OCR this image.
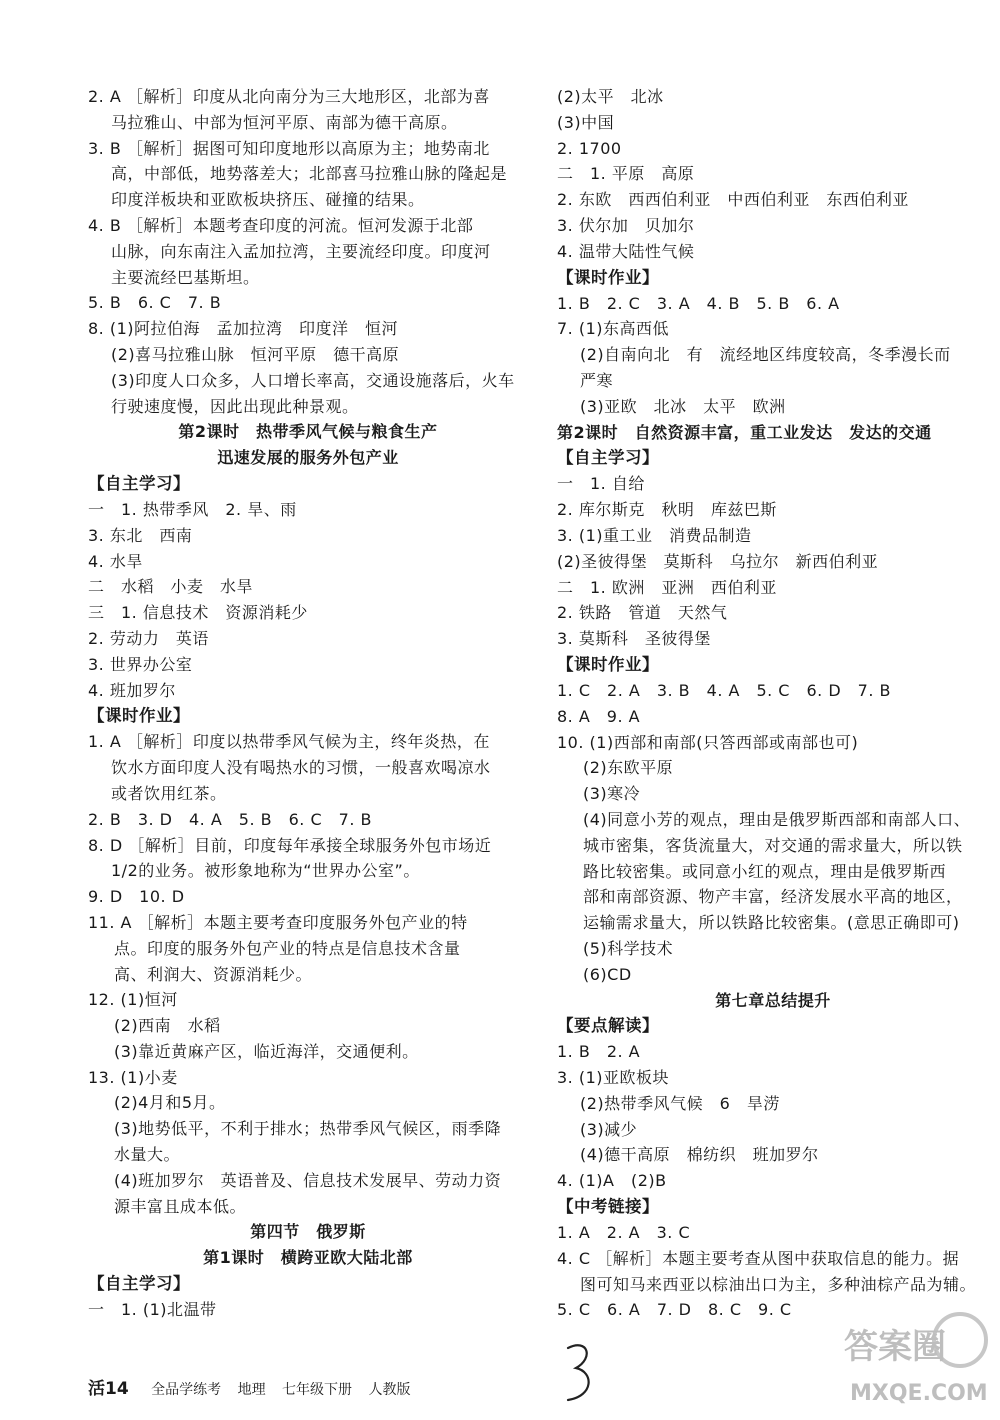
2. A ［解析］印度从北向南分为三大地形区，北部为喜
马拉雅山、中部为恒河平原、南部为德干高原。
3. B ［解析］据图可知印度地形以高原为主；地势南北
高，中部低，地势落差大；北部喜马拉雅山脉的隆起是
印度洋板块和亚欧板块挤压、碰撞的结果。
4. B ［解析］本题考查印度的河流。恒河发源于北部
山脉，向东南注入孟加拉湾，主要流经印度。印度河
主要流经巴基斯坦。
5. B　6. C　7. B
8. (1)阿拉伯海　孟加拉湾　印度洋　恒河
(2)喜马拉雅山脉　恒河平原　德干高原
(3)印度人口众多，人口增长率高，交通设施落后，火车
行驶速度慢，因此出现此种景观。
第2课时　热带季风气候与粮食生产
迅速发展的服务外包产业
【自主学习】
一　1. 热带季风　2. 旱、雨
3. 东北　西南
4. 水旱
二　水稻　小麦　水旱
三　1. 信息技术　资源消耗少
2. 劳动力　英语
3. 世界办公室
4. 班加罗尔
【课时作业】
1. A ［解析］印度以热带季风气候为主，终年炎热，在
饮水方面印度人没有喝热水的习惯，一般喜欢喝凉水
或者饮用红茶。
2. B　3. D　4. A　5. B　6. C　7. B
8. D ［解析］目前，印度每年承接全球服务外包市场近
1/2的业务。被形象地称为“世界办公室”。
9. D　10. D
11. A ［解析］本题主要考查印度服务外包产业的特
点。印度的服务外包产业的特点是信息技术含量
高、利润大、资源消耗少。
12. (1)恒河
(2)西南　水稻
(3)靠近黄麻产区，临近海洋，交通便利。
13. (1)小麦
(2)4月和5月。
(3)地势低平，不利于排水；热带季风气候区，雨季降
水量大。
(4)班加罗尔　英语普及、信息技术发展早、劳动力资
源丰富且成本低。
第四节　俄罗斯
第1课时　横跨亚欧大陆北部
【自主学习】
一　1. (1)北温带
(2)太平　北冰
(3)中国
2. 1700
二　1. 平原　高原
2. 东欧　西西伯利亚　中西伯利亚　东西伯利亚
3. 伏尔加　贝加尔
4. 温带大陆性气候
【课时作业】
1. B　2. C　3. A　4. B　5. B　6. A
7. (1)东高西低
(2)自南向北　有　流经地区纬度较高，冬季漫长而
严寒
(3)亚欧　北冰　太平　欧洲
第2课时　自然资源丰富，重工业发达　发达的交通
【自主学习】
一　1. 自给
2. 库尔斯克　秋明　库兹巴斯
3. (1)重工业　消费品制造
(2)圣彼得堡　莫斯科　乌拉尔　新西伯利亚
二　1. 欧洲　亚洲　西伯利亚
2. 铁路　管道　天然气
3. 莫斯科　圣彼得堡
【课时作业】
1. C　2. A　3. B　4. A　5. C　6. D　7. B
8. A　9. A
10. (1)西部和南部(只答西部或南部也可)
(2)东欧平原
(3)寒冷
(4)同意小芳的观点，理由是俄罗斯西部和南部人口、
城市密集，客货流量大，对交通的需求量大，所以铁
路比较密集。或同意小红的观点，理由是俄罗斯西
部和南部资源、物产丰富，经济发展水平高的地区，
运输需求量大，所以铁路比较密集。(意思正确即可)
(5)科学技术
(6)CD
第七章总结提升
【要点解读】
1. B　2. A
3. (1)亚欧板块
(2)热带季风气候　6　旱涝
(3)减少
(4)德干高原　棉纺织　班加罗尔
4. (1)A　(2)B
【中考链接】
1. A　2. A　3. C
4. C ［解析］本题主要考查从图中获取信息的能力。据
图可知马来西亚以棕油出口为主，多种油棕产品为辅。
5. C　6. A　7. D　8. C　9. C
活14 全品学练考 地理 七年级下册 人教版
答案圈
MXQE.COM
